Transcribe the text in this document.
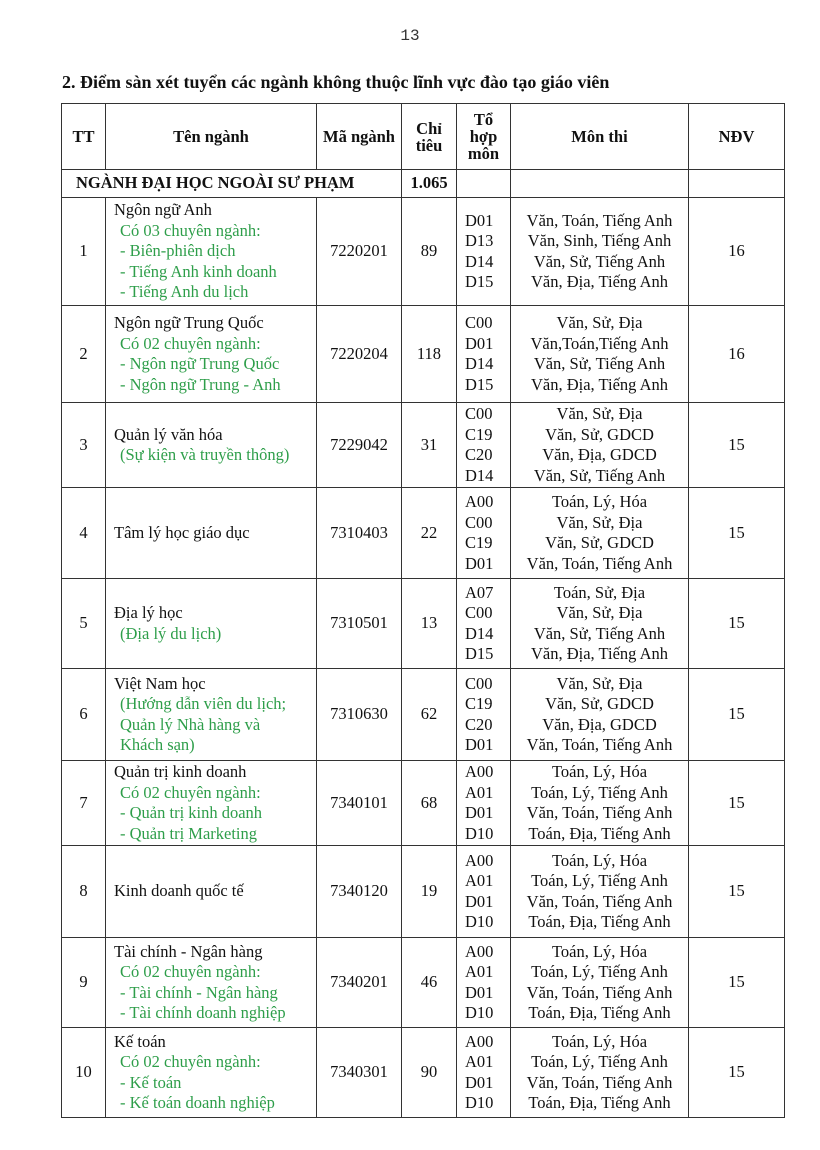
13
2. Điểm sàn xét tuyển các ngành không thuộc lĩnh vực đào tạo giáo viên
TT	Tên ngành	Mã ngành	Chỉ
tiêu	Tổ
hợp
môn	Môn thi	NĐV
NGÀNH ĐẠI HỌC NGOÀI SƯ PHẠM			1.065			
1	Ngôn ngữ Anh
Có 03 chuyên ngành:
- Biên-phiên dịch
- Tiếng Anh kinh doanh
- Tiếng Anh du lịch	7220201	89	D01
D13
D14
D15	Văn, Toán, Tiếng Anh
Văn, Sinh, Tiếng Anh
Văn, Sử, Tiếng Anh
Văn, Địa, Tiếng Anh	16
2	Ngôn ngữ Trung Quốc
Có 02 chuyên ngành:
- Ngôn ngữ Trung Quốc
- Ngôn ngữ Trung - Anh	7220204	118	C00
D01
D14
D15	Văn, Sử, Địa
Văn,Toán,Tiếng Anh
Văn, Sử, Tiếng Anh
Văn, Địa, Tiếng Anh	16
3	Quản lý văn hóa
(Sự kiện và truyền thông)	7229042	31	C00
C19
C20
D14	Văn, Sử, Địa
Văn, Sử, GDCD
Văn, Địa, GDCD
Văn, Sử, Tiếng Anh	15
4	Tâm lý học giáo dục	7310403	22	A00
C00
C19
D01	Toán, Lý, Hóa
Văn, Sử, Địa
Văn, Sử, GDCD
Văn, Toán, Tiếng Anh	15
5	Địa lý học
(Địa lý du lịch)	7310501	13	A07
C00
D14
D15	Toán, Sử, Địa
Văn, Sử, Địa
Văn, Sử, Tiếng Anh
Văn, Địa, Tiếng Anh	15
6	Việt Nam học
(Hướng dẫn viên du lịch;
Quản lý Nhà hàng và
Khách sạn)	7310630	62	C00
C19
C20
D01	Văn, Sử, Địa
Văn, Sử, GDCD
Văn, Địa, GDCD
Văn, Toán, Tiếng Anh	15
7	Quản trị kinh doanh
Có 02 chuyên ngành:
- Quản trị kinh doanh
- Quản trị Marketing	7340101	68	A00
A01
D01
D10	Toán, Lý, Hóa
Toán, Lý, Tiếng Anh
Văn, Toán, Tiếng Anh
Toán, Địa, Tiếng Anh	15
8	Kinh doanh quốc tế	7340120	19	A00
A01
D01
D10	Toán, Lý, Hóa
Toán, Lý, Tiếng Anh
Văn, Toán, Tiếng Anh
Toán, Địa, Tiếng Anh	15
9	Tài chính - Ngân hàng
Có 02 chuyên ngành:
- Tài chính - Ngân hàng
- Tài chính doanh nghiệp	7340201	46	A00
A01
D01
D10	Toán, Lý, Hóa
Toán, Lý, Tiếng Anh
Văn, Toán, Tiếng Anh
Toán, Địa, Tiếng Anh	15
10	Kế toán
Có 02 chuyên ngành:
- Kế toán
- Kế toán doanh nghiệp	7340301	90	A00
A01
D01
D10	Toán, Lý, Hóa
Toán, Lý, Tiếng Anh
Văn, Toán, Tiếng Anh
Toán, Địa, Tiếng Anh	15
